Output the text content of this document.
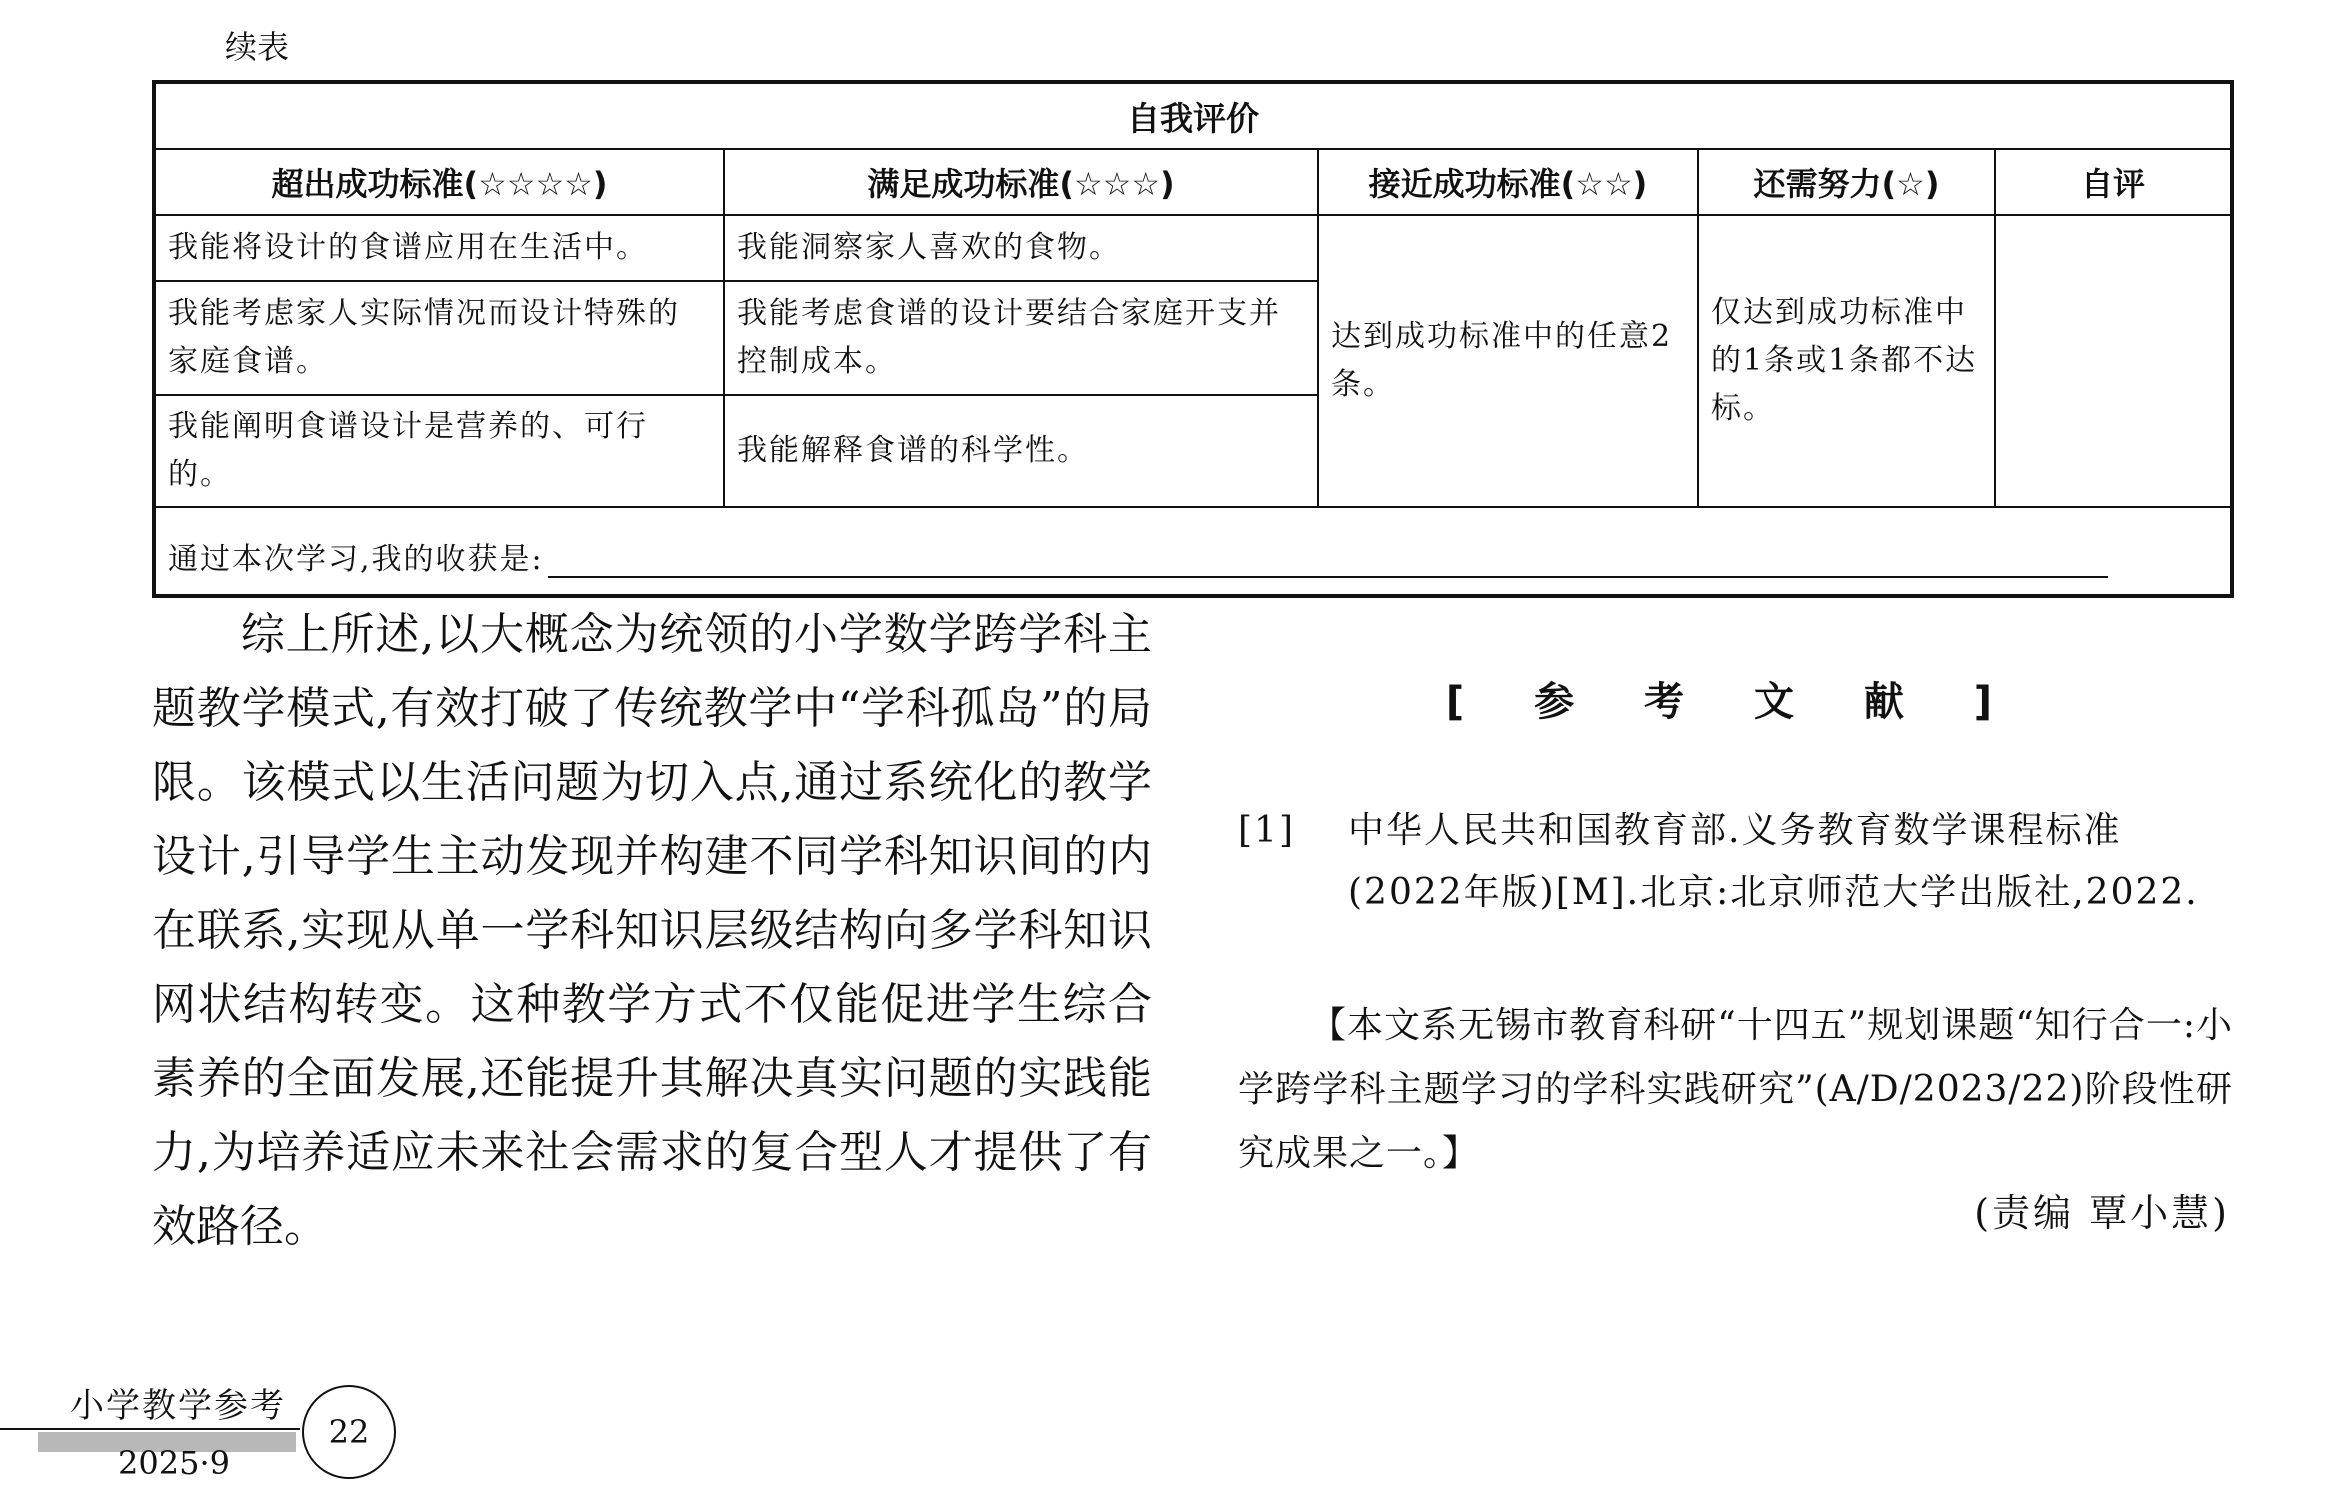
续表
自我评价				
超出成功标准(☆☆☆☆)	满足成功标准(☆☆☆)	接近成功标准(☆☆)	还需努力(☆)	自评
我能将设计的食谱应用在生活中。	我能洞察家人喜欢的食物。	达到成功标准中的任意2条。	仅达到成功标准中的1条或1条都不达标。	
我能考虑家人实际情况而设计特殊的家庭食谱。	我能考虑食谱的设计要结合家庭开支并控制成本。			
我能阐明食谱设计是营养的、可行的。	我能解释食谱的科学性。			
通过本次学习,我的收获是:				

综上所述,以大概念为统领的小学数学跨学科主题教学模式,有效打破了传统教学中“学科孤岛”的局限。该模式以生活问题为切入点,通过系统化的教学设计,引导学生主动发现并构建不同学科知识间的内在联系,实现从单一学科知识层级结构向多学科知识网状结构转变。这种教学方式不仅能促进学生综合素养的全面发展,还能提升其解决真实问题的实践能力,为培养适应未来社会需求的复合型人才提供了有效路径。

[ 参 考 文 献 ]
[1] 中华人民共和国教育部.义务教育数学课程标准(2022年版)[M].北京:北京师范大学出版社,2022.

【本文系无锡市教育科研“十四五”规划课题“知行合一:小学跨学科主题学习的学科实践研究”(A/D/2023/22)阶段性研究成果之一。】

(责编 覃小慧)
小学教学参考
2025·9
22
